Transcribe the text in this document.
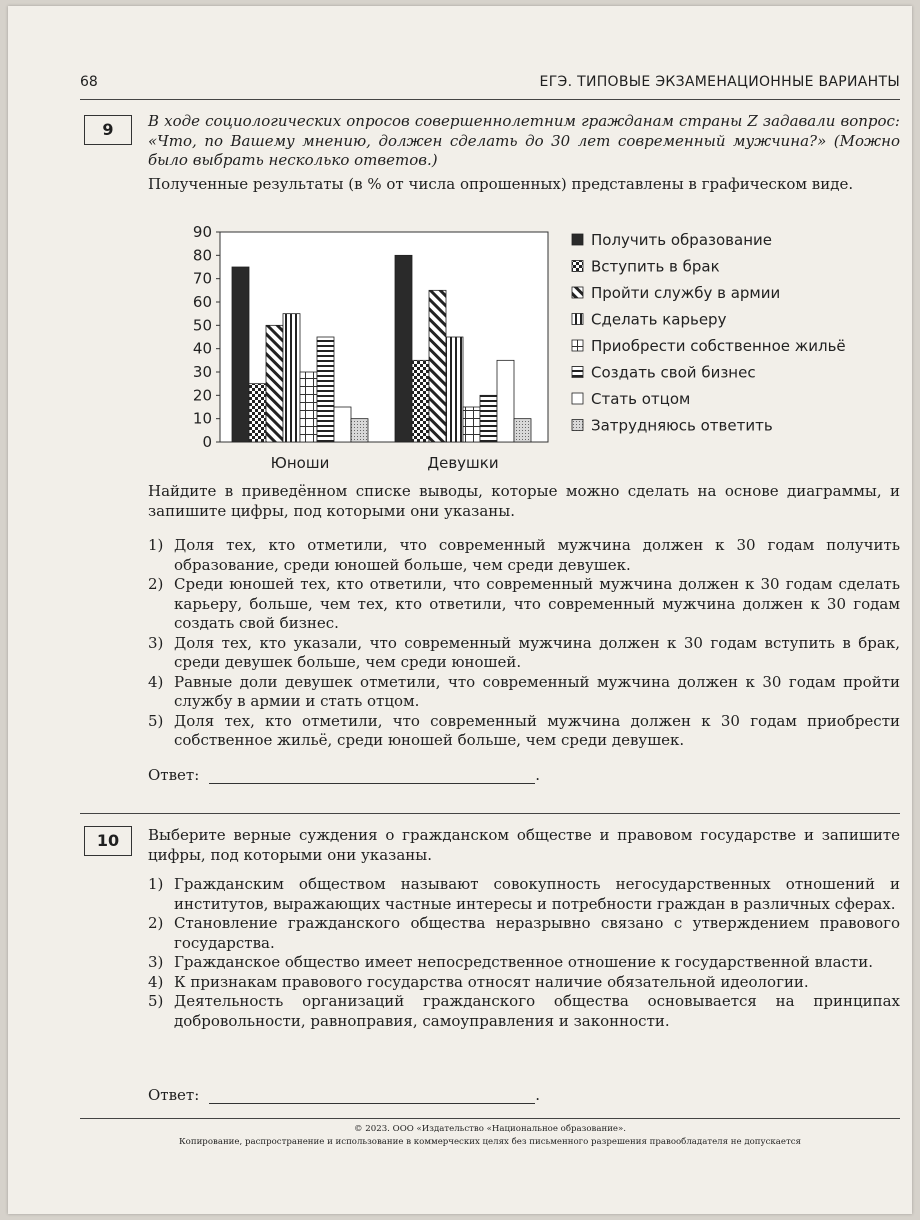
68	ЕГЭ. ТИПОВЫЕ ЭКЗАМЕНАЦИОННЫЕ ВАРИАНТЫ
9	В ходе социологических опросов совершеннолетним гражданам страны Z задавали вопрос: «Что, по Вашему мнению, должен сделать до 30 лет современный мужчина?» (Можно было выбрать несколько ответов.)
Полученные результаты (в % от числа опрошенных) представлены в графическом виде.
0
10
20
30
40
50
60
70
80
90
Юноши	Девушки
Получить образование
Вступить в брак
Пройти службу в армии
Сделать карьеру
Приобрести собственное жильё
Создать свой бизнес
Стать отцом
Затрудняюсь ответить
Найдите в приведённом списке выводы, которые можно сделать на основе диаграммы, и запишите цифры, под которыми они указаны.
1) Доля тех, кто отметили, что современный мужчина должен к 30 годам получить образование, среди юношей больше, чем среди девушек.
2) Среди юношей тех, кто ответили, что современный мужчина должен к 30 годам сделать карьеру, больше, чем тех, кто ответили, что современный мужчина должен к 30 годам создать свой бизнес.
3) Доля тех, кто указали, что современный мужчина должен к 30 годам вступить в брак, среди девушек больше, чем среди юношей.
4) Равные доли девушек отметили, что современный мужчина должен к 30 годам пройти службу в армии и стать отцом.
5) Доля тех, кто отметили, что современный мужчина должен к 30 годам приобрести собственное жильё, среди юношей больше, чем среди девушек.
Ответ:	.
10	Выберите верные суждения о гражданском обществе и правовом государстве и запишите цифры, под которыми они указаны.
1) Гражданским обществом называют совокупность негосударственных отношений и институтов, выражающих частные интересы и потребности граждан в различных сферах.
2) Становление гражданского общества неразрывно связано с утверждением правового государства.
3) Гражданское общество имеет непосредственное отношение к государственной власти.
4) К признакам правового государства относят наличие обязательной идеологии.
5) Деятельность организаций гражданского общества основывается на принципах добровольности, равноправия, самоуправления и законности.
Ответ:	.
© 2023. ООО «Издательство «Национальное образование».
Копирование, распространение и использование в коммерческих целях без письменного разрешения правообладателя не допускается
